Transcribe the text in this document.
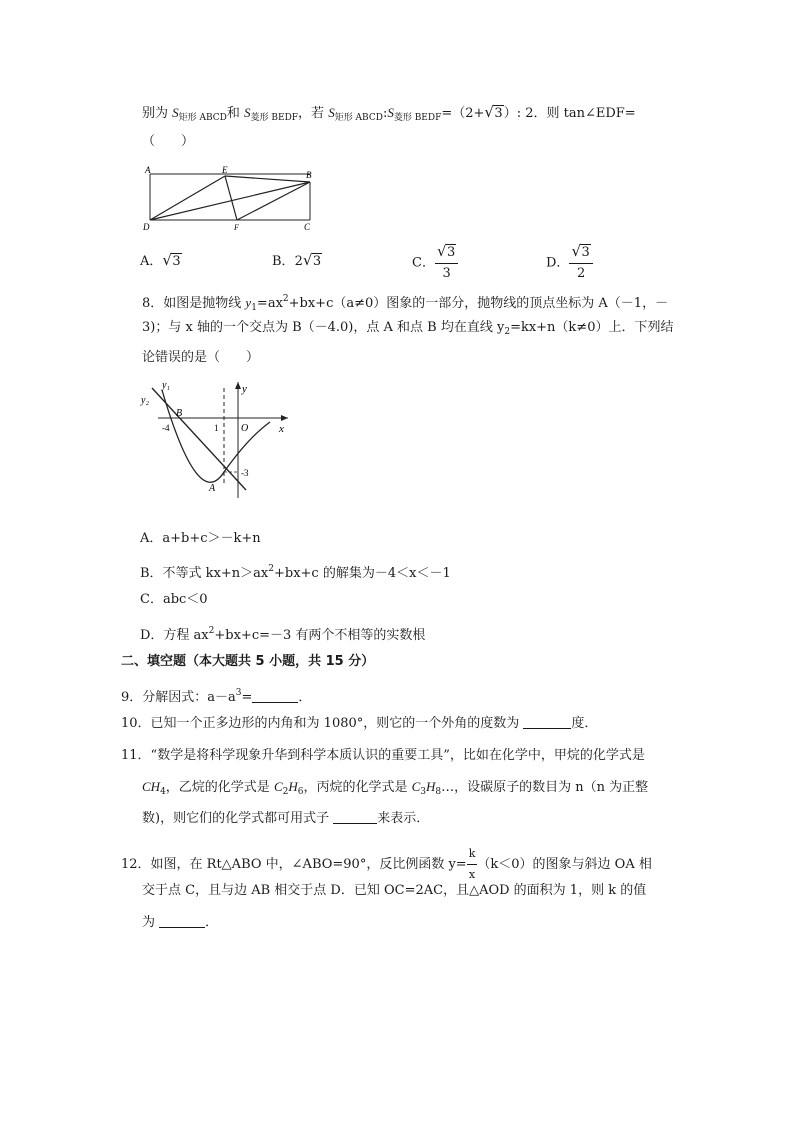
别为 $S_{矩形 ABCD}$和 $S_{菱形 BEDF}$，若 $S_{矩形 ABCD}:S_{菱形 BEDF}=(2+$ √ 3）: 2．则 tan∠EDF=
（　　）
A	E	B
D	F	C
A． √ 3	B．2 √ 3	C． $\frac{√ 3}{3}$	D． $\frac{√ 3}{2}$
8．如图是抛物线 $y_1=ax^2+bx+c(a\ne 0)$图象的一部分，抛物线的顶点坐标为 A（－1，－
3)；与 x 轴的一个交点为 B（－4.0)，点 A 和点 B 均在直线 $y_2=kx+n(k\ne 0)$上．下列结
论错误的是（　　）
y₁
y₂
y
x
B
-4	1 O
A
-3
A．a+b+c＞－k+n
B．不等式 $kx+n>ax^2+bx+c$ 的解集为－4＜x＜－1
C．abc＜0
D．方程 $ax^2+bx+c=-3$ 有两个不相等的实数根
二、填空题（本大题共 5 小题，共 15 分）
9．分解因式：$a-a^3=$	．
10．已知一个正多边形的内角和为 1080°，则它的一个外角的度数为	度．
11．“数学是将科学现象升华到科学本质认识的重要工具”，比如在化学中，甲烷的化学式是
$CH_4$，乙烷的化学式是 $C_2H_6$，丙烷的化学式是 $C_3H_8\dots$，设碳原子的数目为 n（n 为正整
数)，则它们的化学式都可用式子	来表示．
12．如图，在 Rt△ABO 中，∠ABO=90°，反比例函数 $y= \frac{k}{x} (k<0)$的图象与斜边 OA 相
交于点 C，且与边 AB 相交于点 D．已知 OC=2AC，且△AOD 的面积为 1，则 k 的值
为	．
